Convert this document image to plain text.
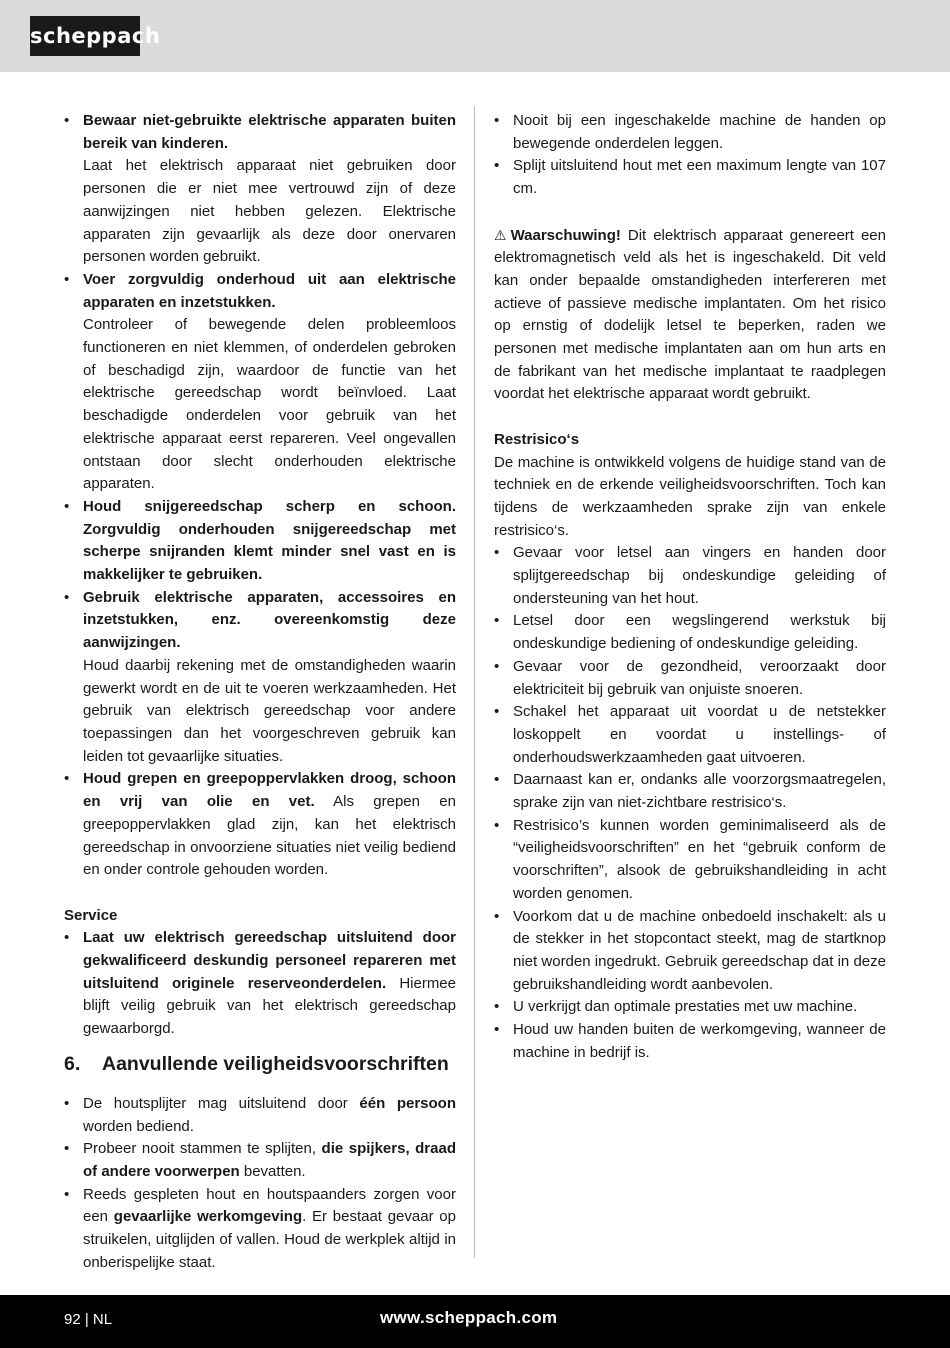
scheppach
• Bewaar niet-gebruikte elektrische apparaten buiten bereik van kinderen.
Laat het elektrisch apparaat niet gebruiken door personen die er niet mee vertrouwd zijn of deze aanwijzingen niet hebben gelezen. Elektrische apparaten zijn gevaarlijk als deze door onervaren personen worden gebruikt.
• Voer zorgvuldig onderhoud uit aan elektrische apparaten en inzetstukken.
Controleer of bewegende delen probleemloos functioneren en niet klemmen, of onderdelen gebroken of beschadigd zijn, waardoor de functie van het elektrische gereedschap wordt beïnvloed. Laat beschadigde onderdelen voor gebruik van het elektrische apparaat eerst repareren. Veel ongevallen ontstaan door slecht onderhouden elektrische apparaten.
• Houd snijgereedschap scherp en schoon. Zorgvuldig onderhouden snijgereedschap met scherpe snijranden klemt minder snel vast en is makkelijker te gebruiken.
• Gebruik elektrische apparaten, accessoires en inzetstukken, enz. overeenkomstig deze aanwijzingen.
Houd daarbij rekening met de omstandigheden waarin gewerkt wordt en de uit te voeren werkzaamheden. Het gebruik van elektrisch gereedschap voor andere toepassingen dan het voorgeschreven gebruik kan leiden tot gevaarlijke situaties.
• Houd grepen en greepoppervlakken droog, schoon en vrij van olie en vet. Als grepen en greepoppervlakken glad zijn, kan het elektrisch gereedschap in onvoorziene situaties niet veilig bediend en onder controle gehouden worden.
Service
• Laat uw elektrisch gereedschap uitsluitend door gekwalificeerd deskundig personeel repareren met uitsluitend originele reserveonderdelen. Hiermee blijft veilig gebruik van het elektrisch gereedschap gewaarborgd.
6.	Aanvullende veiligheidsvoorschriften
• De houtsplijter mag uitsluitend door één persoon worden bediend.
• Probeer nooit stammen te splijten, die spijkers, draad of andere voorwerpen bevatten.
• Reeds gespleten hout en houtspaanders zorgen voor een gevaarlijke werkomgeving. Er bestaat gevaar op struikelen, uitglijden of vallen. Houd de werkplek altijd in onberispelijke staat.
• Nooit bij een ingeschakelde machine de handen op bewegende onderdelen leggen.
• Splijt uitsluitend hout met een maximum lengte van 107 cm.
⚠ Waarschuwing! Dit elektrisch apparaat genereert een elektromagnetisch veld als het is ingeschakeld. Dit veld kan onder bepaalde omstandigheden interfereren met actieve of passieve medische implantaten. Om het risico op ernstig of dodelijk letsel te beperken, raden we personen met medische implantaten aan om hun arts en de fabrikant van het medische implantaat te raadplegen voordat het elektrische apparaat wordt gebruikt.
Restrisico‘s
De machine is ontwikkeld volgens de huidige stand van de techniek en de erkende veiligheidsvoorschriften. Toch kan tijdens de werkzaamheden sprake zijn van enkele restrisico‘s.
• Gevaar voor letsel aan vingers en handen door splijtgereedschap bij ondeskundige geleiding of ondersteuning van het hout.
• Letsel door een wegslingerend werkstuk bij ondeskundige bediening of ondeskundige geleiding.
• Gevaar voor de gezondheid, veroorzaakt door elektriciteit bij gebruik van onjuiste snoeren.
• Schakel het apparaat uit voordat u de netstekker loskoppelt en voordat u instellings- of onderhoudswerkzaamheden gaat uitvoeren.
• Daarnaast kan er, ondanks alle voorzorgsmaatregelen, sprake zijn van niet-zichtbare restrisico‘s.
• Restrisico’s kunnen worden geminimaliseerd als de “veiligheidsvoorschriften” en het “gebruik conform de voorschriften”, alsook de gebruikshandleiding in acht worden genomen.
• Voorkom dat u de machine onbedoeld inschakelt: als u de stekker in het stopcontact steekt, mag de startknop niet worden ingedrukt. Gebruik gereedschap dat in deze gebruikshandleiding wordt aanbevolen.
• U verkrijgt dan optimale prestaties met uw machine.
• Houd uw handen buiten de werkomgeving, wanneer de machine in bedrijf is.
92 | NL	www.scheppach.com
